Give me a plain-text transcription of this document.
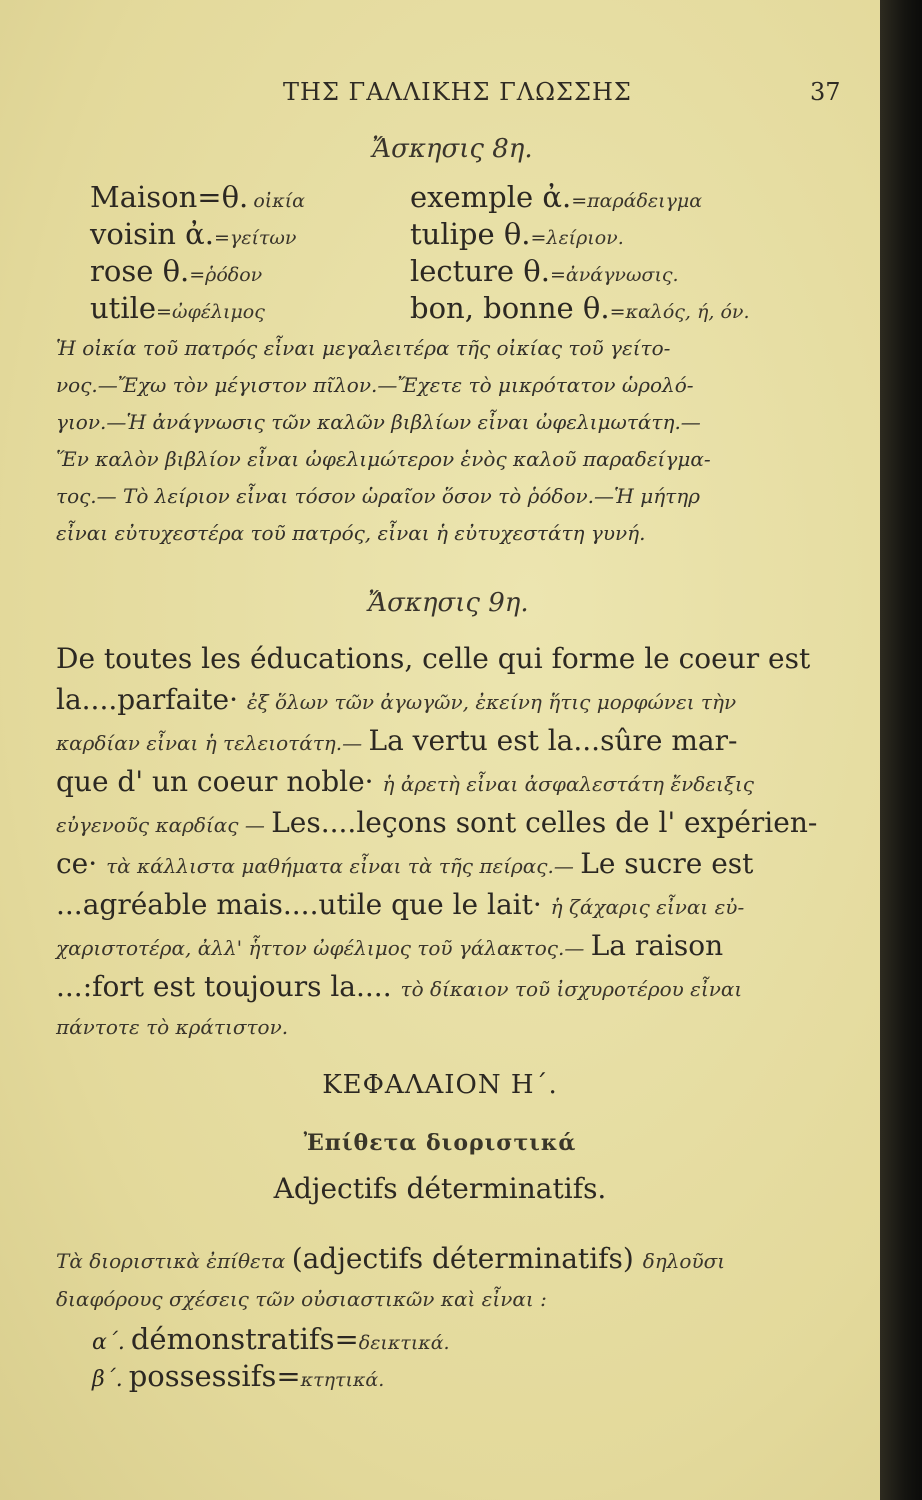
ΤΗΣ ΓΑΛΛΙΚΗΣ ΓΛΩΣΣΗΣ	37
Ἄσκησις 8η.
Maison=θ. οἰκία	exemple ἀ.=παράδειγμα
voisin ἀ.=γείτων	tulipe θ.=λείριον.
rose θ.=ῥόδον	lecture θ.=ἀνάγνωσις.
utile=ὠφέλιμος	bon, bonne θ.=καλός, ή, όν.
Ἡ οἰκία τοῦ πατρός εἶναι μεγαλειτέρα τῆς οἰκίας τοῦ γείτο-
νος.—Ἔχω τὸν μέγιστον πῖλον.—Ἔχετε τὸ μικρότατον ὡρολό-
γιον.—Ἡ ἀνάγνωσις τῶν καλῶν βιβλίων εἶναι ὠφελιμωτάτη.—
Ἕν καλὸν βιβλίον εἶναι ὠφελιμώτερον ἑνὸς καλοῦ παραδείγμα-
τος.— Τὸ λείριον εἶναι τόσον ὡραῖον ὅσον τὸ ῥόδον.—Ἡ μήτηρ
εἶναι εὐτυχεστέρα τοῦ πατρός, εἶναι ἡ εὐτυχεστάτη γυνή.
Ἄσκησις 9η.
De toutes les éducations, celle qui forme le coeur est
la....parfaite· ἐξ ὅλων τῶν ἀγωγῶν, ἐκείνη ἥτις μορφώνει τὴν
καρδίαν εἶναι ἡ τελειοτάτη.— La vertu est la...sûre mar-
que d' un coeur noble· ἡ ἀρετὴ εἶναι ἀσφαλεστάτη ἔνδειξις
εὐγενοῦς καρδίας — Les....leçons sont celles de l' expérien-
ce· τὰ κάλλιστα μαθήματα εἶναι τὰ τῆς πείρας.— Le sucre est
...agréable mais....utile que le lait· ἡ ζάχαρις εἶναι εὐ-
χαριστοτέρα, ἀλλ' ἧττον ὠφέλιμος τοῦ γάλακτος.— La raison
...:fort est toujours la.... τὸ δίκαιον τοῦ ἰσχυροτέρου εἶναι
πάντοτε τὸ κράτιστον.
ΚΕΦΑΛΑΙΟΝ Η΄.
Ἐπίθετα διοριστικά
Adjectifs déterminatifs.
Τὰ διοριστικὰ ἐπίθετα (adjectifs déterminatifs) δηλοῦσι
διαφόρους σχέσεις τῶν οὐσιαστικῶν καὶ εἶναι :
α΄. démonstratifs=δεικτικά.
β΄. possessifs=κτητικά.
